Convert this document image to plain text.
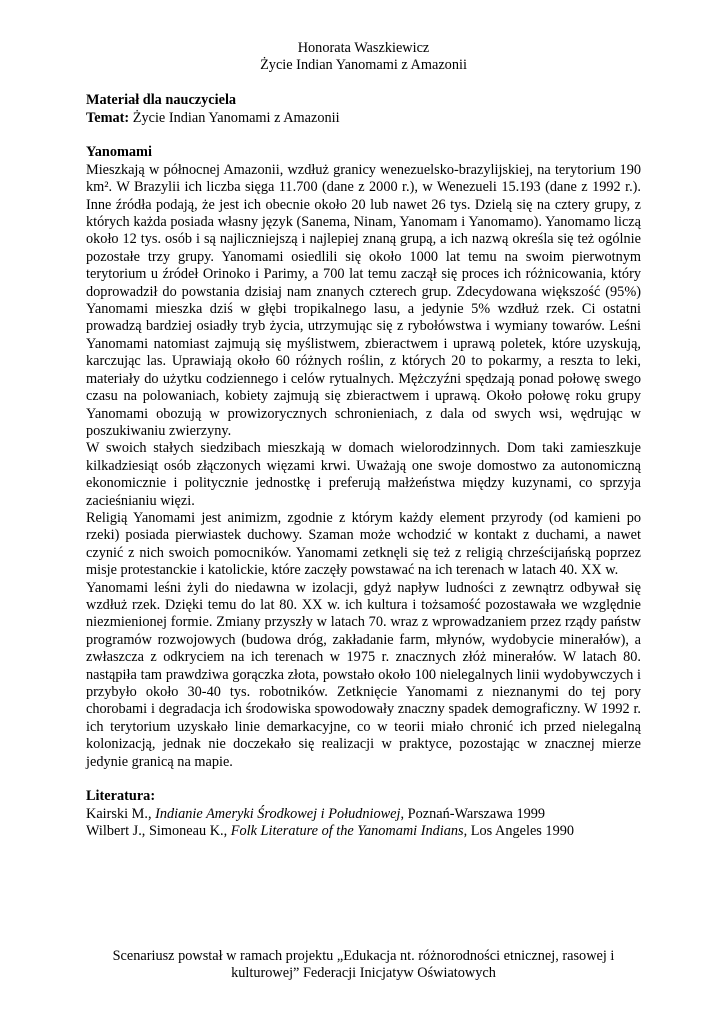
Honorata Waszkiewicz
Życie Indian Yanomami z Amazonii
Materiał dla nauczyciela
Temat: Życie Indian Yanomami z Amazonii
Yanomami
Mieszkają w północnej Amazonii, wzdłuż granicy wenezuelsko-brazylijskiej, na terytorium 190 km². W Brazylii ich liczba sięga 11.700 (dane z 2000 r.), w Wenezueli 15.193 (dane z 1992 r.). Inne źródła podają, że jest ich obecnie około 20 lub nawet 26 tys. Dzielą się na cztery grupy, z których każda posiada własny język (Sanema, Ninam, Yanomam i Yanomamo). Yanomamo liczą około 12 tys. osób i są najliczniejszą i najlepiej znaną grupą, a ich nazwą określa się też ogólnie pozostałe trzy grupy. Yanomami osiedlili się około 1000 lat temu na swoim pierwotnym terytorium u źródeł Orinoko i Parimy, a 700 lat temu zaczął się proces ich różnicowania, który doprowadził do powstania dzisiaj nam znanych czterech grup. Zdecydowana większość (95%) Yanomami mieszka dziś w głębi tropikalnego lasu, a jedynie 5% wzdłuż rzek. Ci ostatni prowadzą bardziej osiadły tryb życia, utrzymując się z rybołówstwa i wymiany towarów. Leśni Yanomami natomiast zajmują się myślistwem, zbieractwem i uprawą poletek, które uzyskują, karczując las. Uprawiają około 60 różnych roślin, z których 20 to pokarmy, a reszta to leki, materiały do użytku codziennego i celów rytualnych. Mężczyźni spędzają ponad połowę swego czasu na polowaniach, kobiety zajmują się zbieractwem i uprawą. Około połowę roku grupy Yanomami obozują w prowizorycznych schronieniach, z dala od swych wsi, wędrując w poszukiwaniu zwierzyny.
W swoich stałych siedzibach mieszkają w domach wielorodzinnych. Dom taki zamieszkuje kilkadziesiąt osób złączonych więzami krwi. Uważają one swoje domostwo za autonomiczną ekonomicznie i politycznie jednostkę i preferują małżeństwa między kuzynami, co sprzyja zacieśnianiu więzi.
Religią Yanomami jest animizm, zgodnie z którym każdy element przyrody (od kamieni po rzeki) posiada pierwiastek duchowy. Szaman może wchodzić w kontakt z duchami, a nawet czynić z nich swoich pomocników. Yanomami zetknęli się też z religią chrześcijańską poprzez misje protestanckie i katolickie, które zaczęły powstawać na ich terenach w latach 40. XX w.
Yanomami leśni żyli do niedawna w izolacji, gdyż napływ ludności z zewnątrz odbywał się wzdłuż rzek. Dzięki temu do lat 80. XX w. ich kultura i tożsamość pozostawała we względnie niezmienionej formie. Zmiany przyszły w latach 70. wraz z wprowadzaniem przez rządy państw programów rozwojowych (budowa dróg, zakładanie farm, młynów, wydobycie minerałów), a zwłaszcza z odkryciem na ich terenach w 1975 r. znacznych złóż minerałów. W latach 80. nastąpiła tam prawdziwa gorączka złota, powstało około 100 nielegalnych linii wydobywczych i przybyło około 30-40 tys. robotników. Zetknięcie Yanomami z nieznanymi do tej pory chorobami i degradacja ich środowiska spowodowały znaczny spadek demograficzny. W 1992 r. ich terytorium uzyskało linie demarkacyjne, co w teorii miało chronić ich przed nielegalną kolonizacją, jednak nie doczekało się realizacji w praktyce, pozostając w znacznej mierze jedynie granicą na mapie.
Literatura:
Kairski M., Indianie Ameryki Środkowej i Południowej, Poznań-Warszawa 1999
Wilbert J., Simoneau K., Folk Literature of the Yanomami Indians, Los Angeles 1990
Scenariusz powstał w ramach projektu „Edukacja nt. różnorodności etnicznej, rasowej i
kulturowej” Federacji Inicjatyw Oświatowych
